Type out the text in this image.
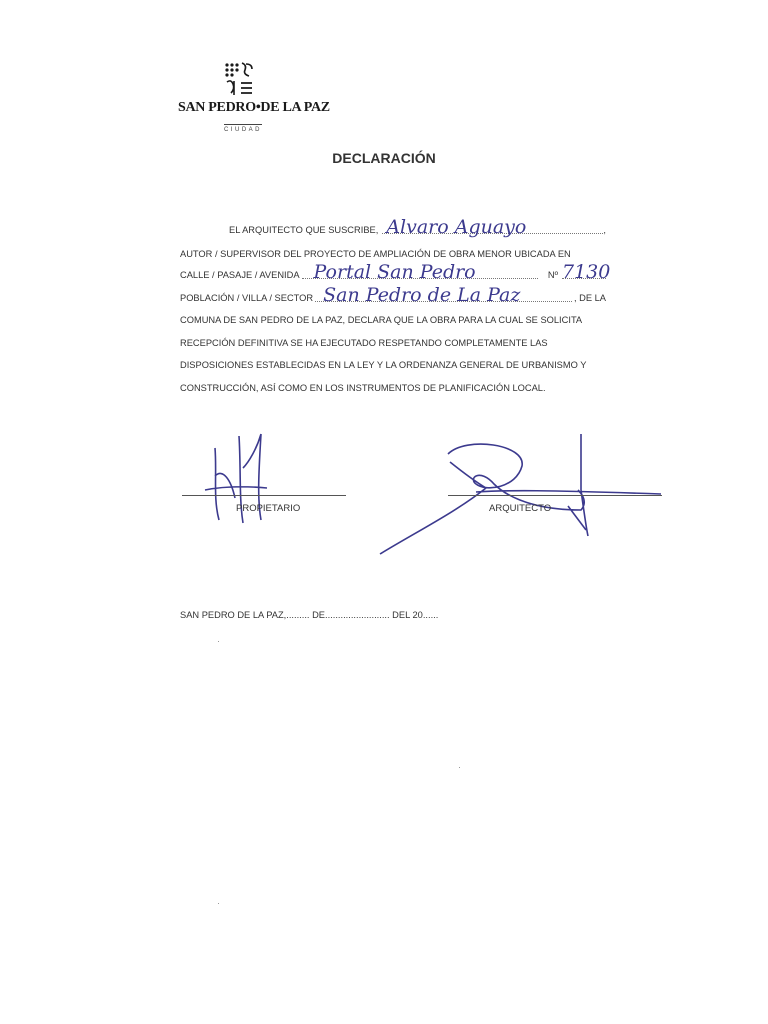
SAN PEDRO•DE LA PAZ
CIUDAD
DECLARACIÓN
EL ARQUITECTO QUE SUSCRIBE, Alvaro Aguayo	,
AUTOR / SUPERVISOR DEL PROYECTO DE AMPLIACIÓN DE OBRA MENOR UBICADA EN
CALLE / PASAJE / AVENIDA Portal San Pedro	Nº 7130
POBLACIÓN / VILLA / SECTOR San Pedro de La Paz	, DE LA
COMUNA DE SAN PEDRO DE LA PAZ, DECLARA QUE LA OBRA PARA LA CUAL SE SOLICITA
RECEPCIÓN DEFINITIVA SE HA EJECUTADO RESPETANDO COMPLETAMENTE LAS
DISPOSICIONES ESTABLECIDAS EN LA LEY Y LA ORDENANZA GENERAL DE URBANISMO Y
CONSTRUCCIÓN, ASÍ COMO EN LOS INSTRUMENTOS DE PLANIFICACIÓN LOCAL.
PROPIETARIO	ARQUITECTO
SAN PEDRO DE LA PAZ,......... DE......................... DEL 20......
